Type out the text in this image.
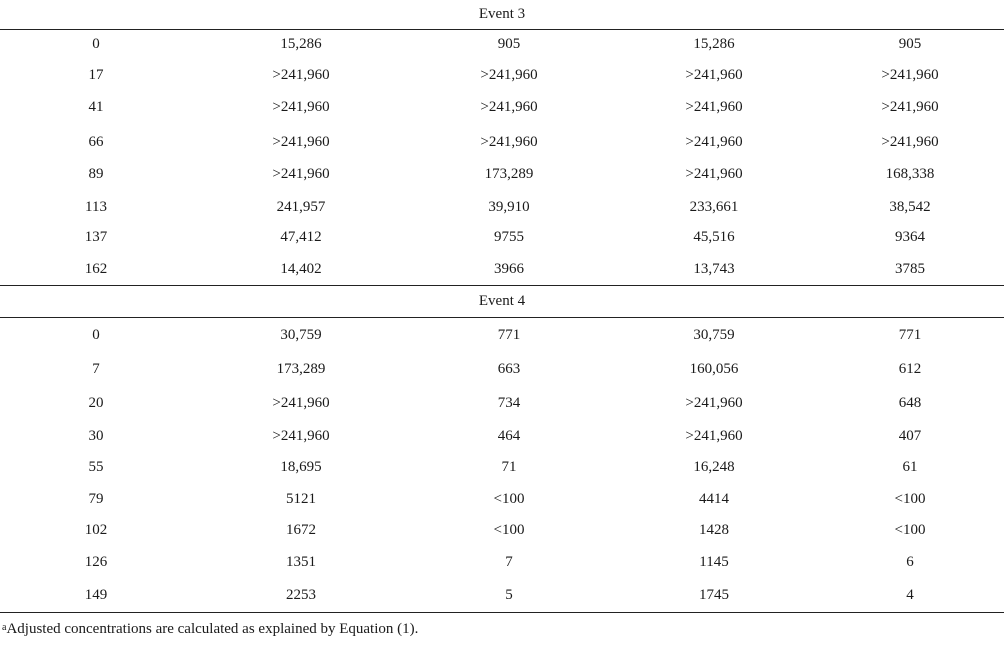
Event 3
0	15,286	905	15,286	905
17	>241,960	>241,960	>241,960	>241,960
41	>241,960	>241,960	>241,960	>241,960
66	>241,960	>241,960	>241,960	>241,960
89	>241,960	173,289	>241,960	168,338
113	241,957	39,910	233,661	38,542
137	47,412	9755	45,516	9364
162	14,402	3966	13,743	3785
Event 4
0	30,759	771	30,759	771
7	173,289	663	160,056	612
20	>241,960	734	>241,960	648
30	>241,960	464	>241,960	407
55	18,695	71	16,248	61
79	5121	<100	4414	<100
102	1672	<100	1428	<100
126	1351	7	1145	6
149	2253	5	1745	4
$^a$Adjusted concentrations are calculated as explained by Equation (1).
